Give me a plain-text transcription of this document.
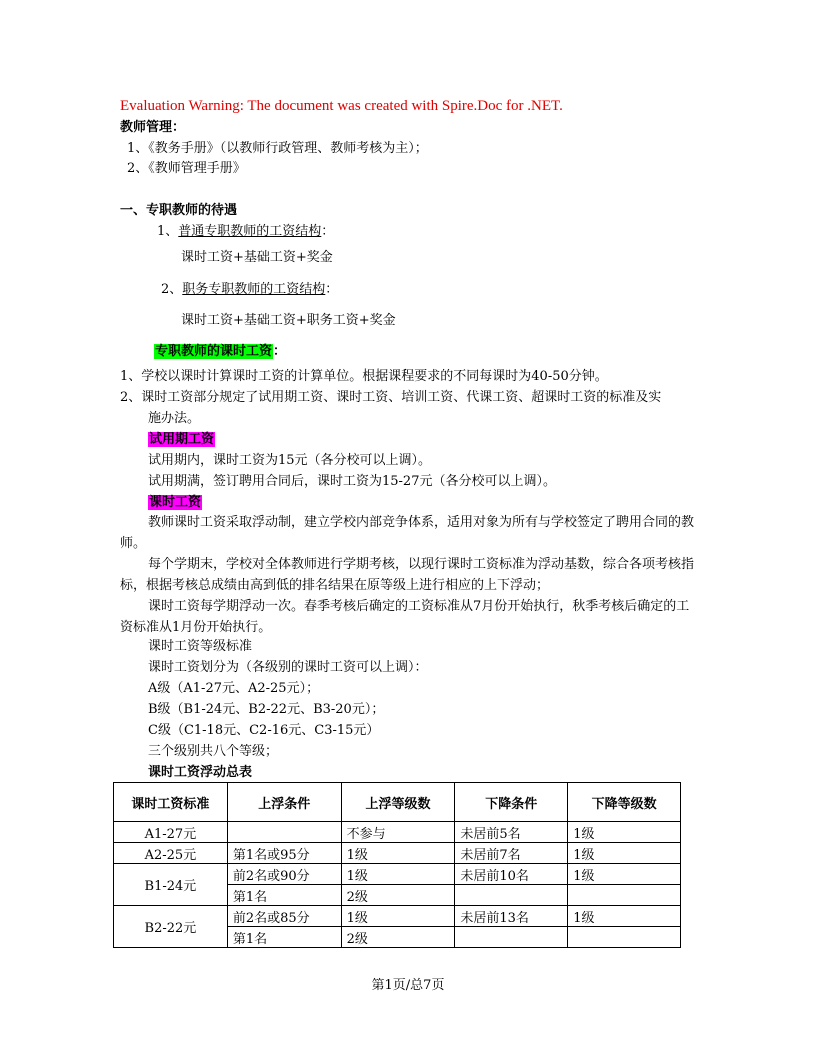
Evaluation Warning: The document was created with Spire.Doc for .NET.
教师管理：
1、《教务手册》（以教师行政管理、教师考核为主）；
2、《教师管理手册》
一、专职教师的待遇
1、普通专职教师的工资结构：
课时工资+基础工资+奖金
2、职务专职教师的工资结构：
课时工资+基础工资+职务工资+奖金
专职教师的课时工资：
1、学校以课时计算课时工资的计算单位。根据课程要求的不同每课时为40-50分钟。
2、课时工资部分规定了试用期工资、课时工资、培训工资、代课工资、超课时工资的标准及实
施办法。
试用期工资
试用期内，课时工资为15元（各分校可以上调）。
试用期满，签订聘用合同后，课时工资为15-27元（各分校可以上调）。
课时工资
教师课时工资采取浮动制，建立学校内部竞争体系，适用对象为所有与学校签定了聘用合同的教师。
每个学期末，学校对全体教师进行学期考核，以现行课时工资标准为浮动基数，综合各项考核指标，根据考核总成绩由高到低的排名结果在原等级上进行相应的上下浮动；
课时工资每学期浮动一次。春季考核后确定的工资标准从7月份开始执行，秋季考核后确定的工资标准从1月份开始执行。
课时工资等级标准
课时工资划分为（各级别的课时工资可以上调）：
A级（A1-27元、A2-25元）；
B级（B1-24元、B2-22元、B3-20元）；
C级（C1-18元、C2-16元、C3-15元）
三个级别共八个等级；
课时工资浮动总表
课时工资标准	上浮条件	上浮等级数	下降条件	下降等级数
A1-27元		不参与	未居前5名	1级
A2-25元	第1名或95分	1级	未居前7名	1级
B1-24元	前2名或90分	1级	未居前10名	1级
	第1名	2级		
B2-22元	前2名或85分	1级	未居前13名	1级
	第1名	2级		
第1页/总7页
